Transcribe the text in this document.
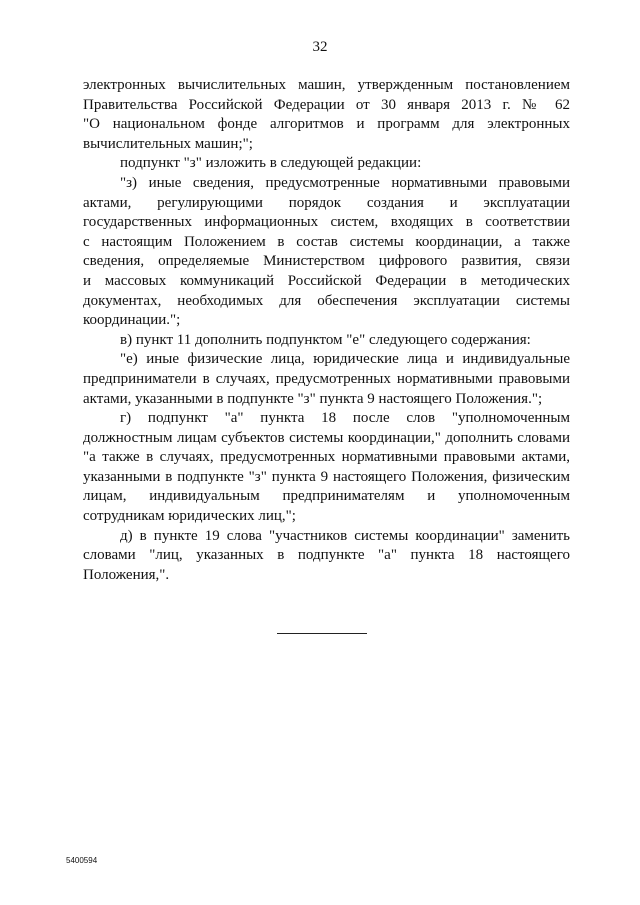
32
электронных вычислительных машин, утвержденным постановлением
Правительства Российской Федерации от 30 января 2013 г. № 62
"О национальном фонде алгоритмов и программ для электронных
вычислительных машин;";
подпункт "з" изложить в следующей редакции:
"з) иные сведения, предусмотренные нормативными правовыми
актами, регулирующими порядок создания и эксплуатации
государственных информационных систем, входящих в соответствии
с настоящим Положением в состав системы координации, а также
сведения, определяемые Министерством цифрового развития, связи
и массовых коммуникаций Российской Федерации в методических
документах, необходимых для обеспечения эксплуатации системы
координации.";
в) пункт 11 дополнить подпунктом "е" следующего содержания:
"е) иные физические лица, юридические лица и индивидуальные
предприниматели в случаях, предусмотренных нормативными правовыми
актами, указанными в подпункте "з" пункта 9 настоящего Положения.";
г) подпункт "а" пункта 18 после слов "уполномоченным
должностным лицам субъектов системы координации," дополнить словами
"а также в случаях, предусмотренных нормативными правовыми актами,
указанными в подпункте "з" пункта 9 настоящего Положения, физическим
лицам, индивидуальным предпринимателям и уполномоченным
сотрудникам юридических лиц,";
д) в пункте 19 слова "участников системы координации" заменить
словами "лиц, указанных в подпункте "а" пункта 18 настоящего
Положения,".
5400594
